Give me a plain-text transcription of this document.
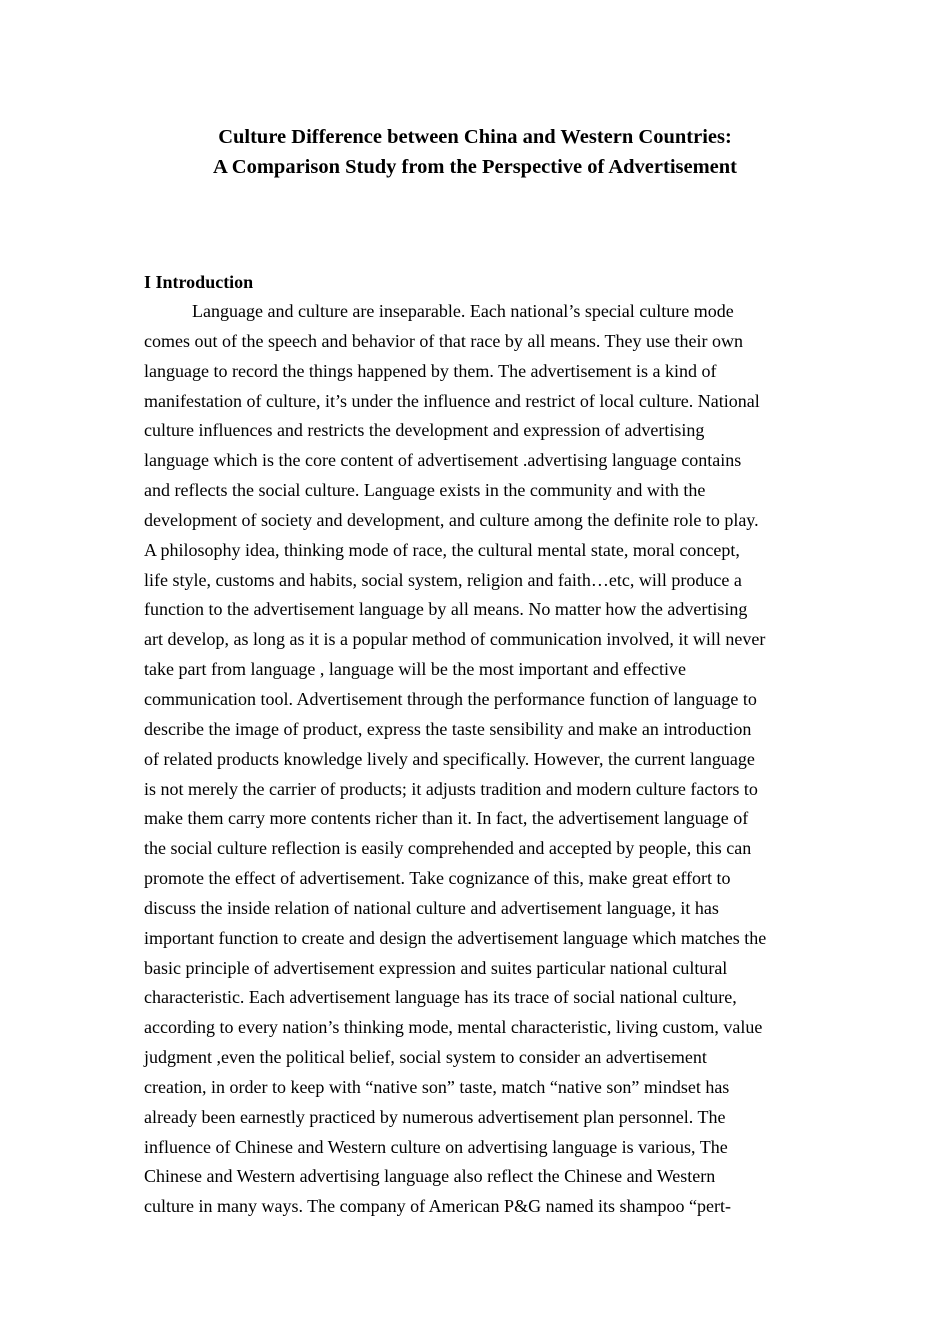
Culture Difference between China and Western Countries:
A Comparison Study from the Perspective of Advertisement
I Introduction
Language and culture are inseparable. Each national’s special culture mode
comes out of the speech and behavior of that race by all means. They use their own
language to record the things happened by them. The advertisement is a kind of
manifestation of culture, it’s under the influence and restrict of local culture. National
culture influences and restricts the development and expression of advertising
language which is the core content of advertisement .advertising language contains
and reflects the social culture. Language exists in the community and with the
development of society and development, and culture among the definite role to play.
A philosophy idea, thinking mode of race, the cultural mental state, moral concept,
life style, customs and habits, social system, religion and faith…etc, will produce a
function to the advertisement language by all means. No matter how the advertising
art develop, as long as it is a popular method of communication involved, it will never
take part from language , language will be the most important and effective
communication tool. Advertisement through the performance function of language to
describe the image of product, express the taste sensibility and make an introduction
of related products knowledge lively and specifically. However, the current language
is not merely the carrier of products; it adjusts tradition and modern culture factors to
make them carry more contents richer than it. In fact, the advertisement language of
the social culture reflection is easily comprehended and accepted by people, this can
promote the effect of advertisement. Take cognizance of this, make great effort to
discuss the inside relation of national culture and advertisement language, it has
important function to create and design the advertisement language which matches the
basic principle of advertisement expression and suites particular national cultural
characteristic. Each advertisement language has its trace of social national culture,
according to every nation’s thinking mode, mental characteristic, living custom, value
judgment ,even the political belief, social system to consider an advertisement
creation, in order to keep with “native son” taste, match “native son” mindset has
already been earnestly practiced by numerous advertisement plan personnel. The
influence of Chinese and Western culture on advertising language is various, The
Chinese and Western advertising language also reflect the Chinese and Western
culture in many ways. The company of American P&G named its shampoo “pert-
